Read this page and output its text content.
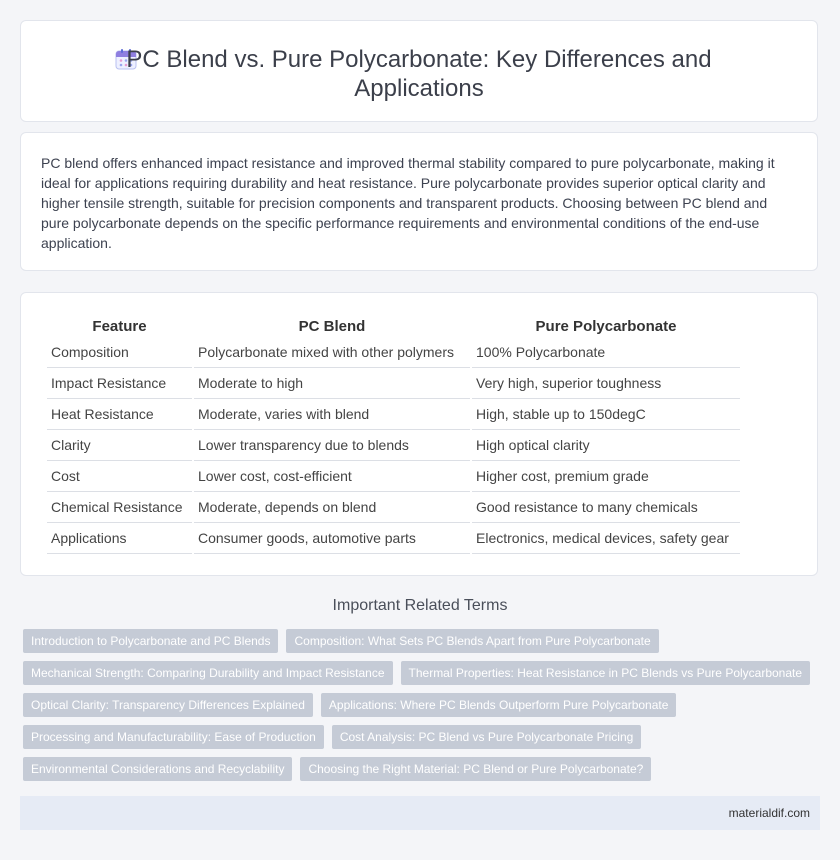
PC Blend vs. Pure Polycarbonate: Key Differences and
Applications

PC blend offers enhanced impact resistance and improved thermal stability compared to pure polycarbonate, making it ideal for applications requiring durability and heat resistance. Pure polycarbonate provides superior optical clarity and higher tensile strength, suitable for precision components and transparent products. Choosing between PC blend and pure polycarbonate depends on the specific performance requirements and environmental conditions of the end-use application.

Feature	PC Blend	Pure Polycarbonate
Composition	Polycarbonate mixed with other polymers	100% Polycarbonate
Impact Resistance	Moderate to high	Very high, superior toughness
Heat Resistance	Moderate, varies with blend	High, stable up to 150degC
Clarity	Lower transparency due to blends	High optical clarity
Cost	Lower cost, cost-efficient	Higher cost, premium grade
Chemical Resistance	Moderate, depends on blend	Good resistance to many chemicals
Applications	Consumer goods, automotive parts	Electronics, medical devices, safety gear
Important Related Terms
Introduction to Polycarbonate and PC Blends	Composition: What Sets PC Blends Apart from Pure Polycarbonate
Mechanical Strength: Comparing Durability and Impact Resistance	Thermal Properties: Heat Resistance in PC Blends vs Pure Polycarbonate
Optical Clarity: Transparency Differences Explained	Applications: Where PC Blends Outperform Pure Polycarbonate
Processing and Manufacturability: Ease of Production	Cost Analysis: PC Blend vs Pure Polycarbonate Pricing
Environmental Considerations and Recyclability	Choosing the Right Material: PC Blend or Pure Polycarbonate?
materialdif.com
